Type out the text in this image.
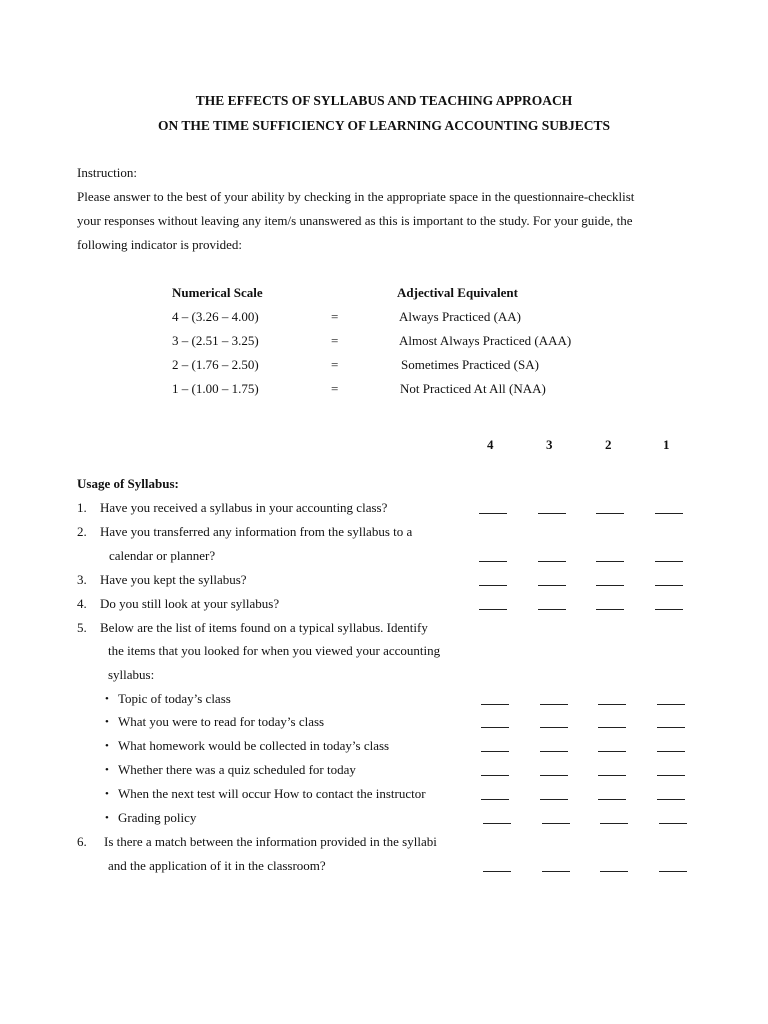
THE EFFECTS OF SYLLABUS AND TEACHING APPROACH
ON THE TIME SUFFICIENCY OF LEARNING ACCOUNTING SUBJECTS
Instruction:
Please answer to the best of your ability by checking in the appropriate space in the questionnaire-checklist
your responses without leaving any item/s unanswered as this is important to the study. For your guide, the
following indicator is provided:
Numerical Scale	Adjectival Equivalent
4 – (3.26 – 4.00)	=	Always Practiced (AA)
3 – (2.51 – 3.25)	=	Almost Always Practiced (AAA)
2 – (1.76 – 2.50)	=	Sometimes Practiced (SA)
1 – (1.00 – 1.75)	=	Not Practiced At All (NAA)
4	3	2	1
Usage of Syllabus:
1. Have you received a syllabus in your accounting class?
2. Have you transferred any information from the syllabus to a
calendar or planner?
3. Have you kept the syllabus?
4. Do you still look at your syllabus?
5. Below are the list of items found on a typical syllabus. Identify
the items that you looked for when you viewed your accounting
syllabus:
• Topic of today’s class
• What you were to read for today’s class
• What homework would be collected in today’s class
• Whether there was a quiz scheduled for today
• When the next test will occur How to contact the instructor
• Grading policy
6. Is there a match between the information provided in the syllabi
and the application of it in the classroom?
